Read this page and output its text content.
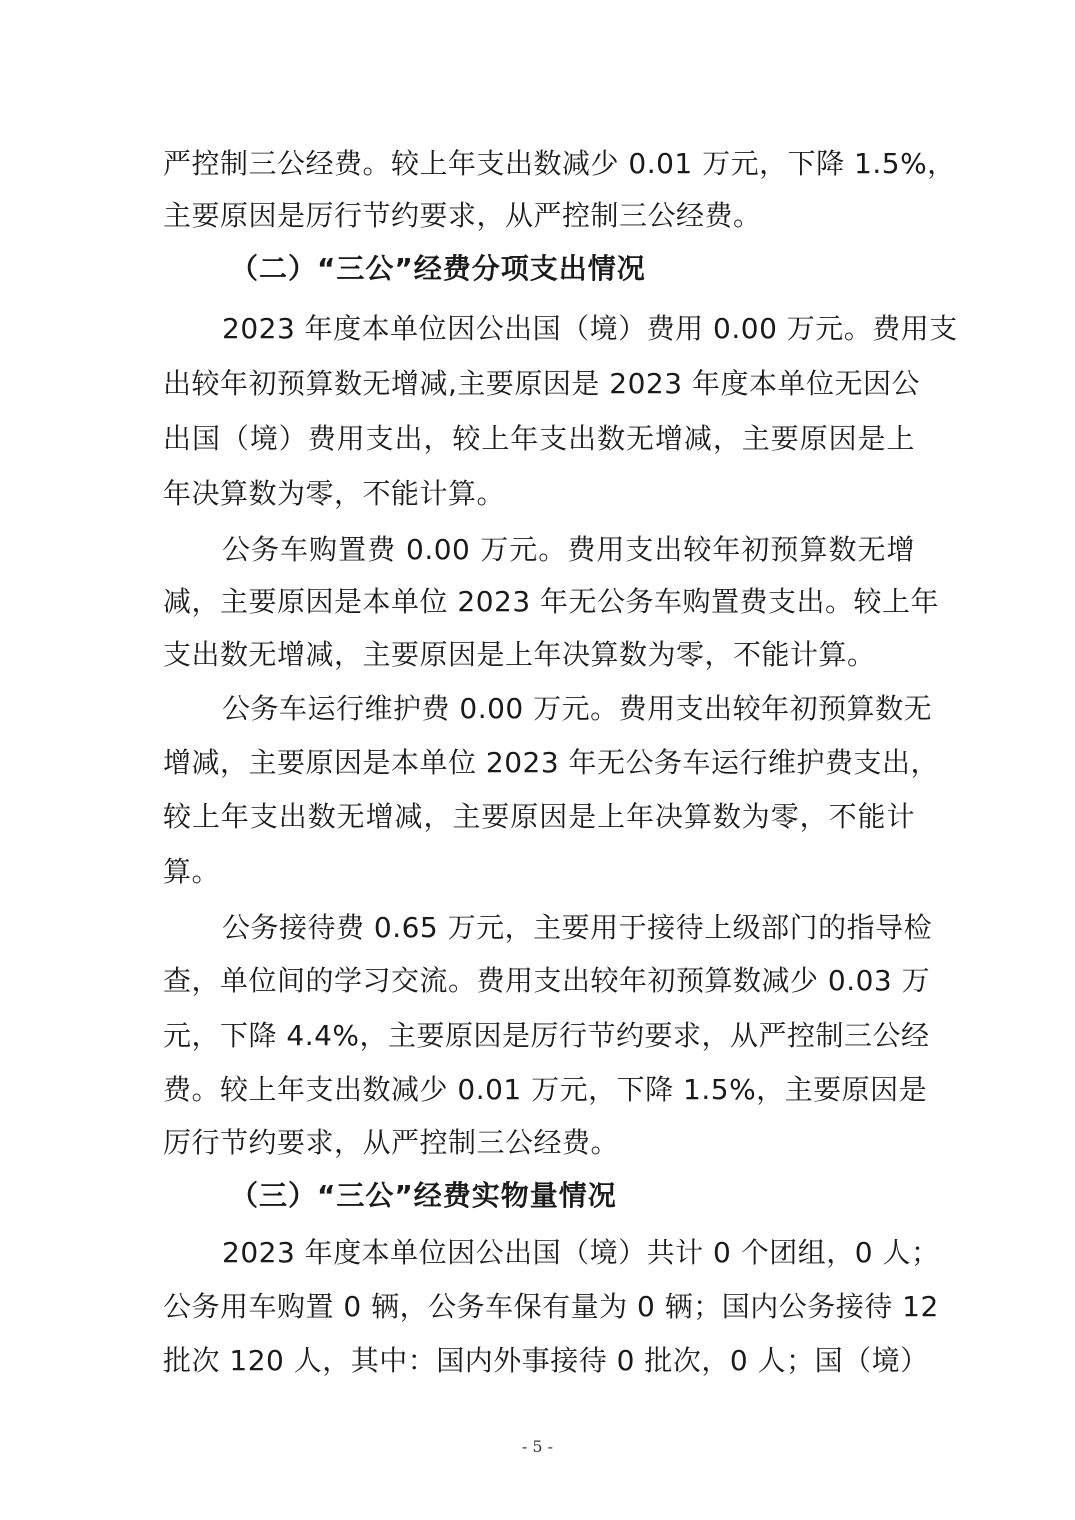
严控制三公经费。较上年支出数减少 0.01 万元，下降 1.5%，
主要原因是厉行节约要求，从严控制三公经费。
（二）“三公”经费分项支出情况
2023 年度本单位因公出国（境）费用 0.00 万元。费用支
出较年初预算数无增减,主要原因是 2023 年度本单位无因公
出国（境）费用支出，较上年支出数无增减，主要原因是上
年决算数为零，不能计算。
公务车购置费 0.00 万元。费用支出较年初预算数无增
减，主要原因是本单位 2023 年无公务车购置费支出。较上年
支出数无增减，主要原因是上年决算数为零，不能计算。
公务车运行维护费 0.00 万元。费用支出较年初预算数无
增减，主要原因是本单位 2023 年无公务车运行维护费支出，
较上年支出数无增减，主要原因是上年决算数为零，不能计
算。
公务接待费 0.65 万元，主要用于接待上级部门的指导检
查，单位间的学习交流。费用支出较年初预算数减少 0.03 万
元，下降 4.4%，主要原因是厉行节约要求，从严控制三公经
费。较上年支出数减少 0.01 万元，下降 1.5%，主要原因是
厉行节约要求，从严控制三公经费。
（三）“三公”经费实物量情况
2023 年度本单位因公出国（境）共计 0 个团组，0 人；
公务用车购置 0 辆，公务车保有量为 0 辆；国内公务接待 12
批次 120 人，其中：国内外事接待 0 批次，0 人；国（境）
- 5 -
